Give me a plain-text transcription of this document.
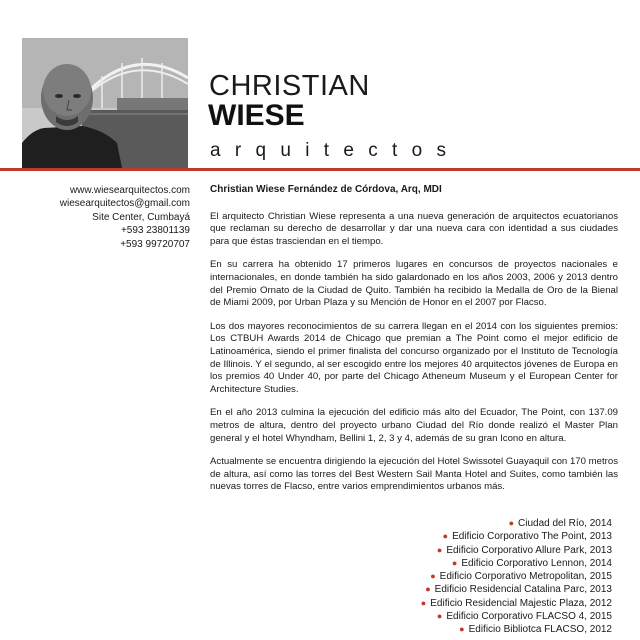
CHRISTIAN
WIESE
arquitectos
www.wiesearquitectos.com
wiesearquitectos@gmail.com
Site Center, Cumbayá
+593 23801139
+593 99720707
Christian Wiese Fernández de Córdova, Arq, MDI

El arquitecto Christian Wiese representa a una nueva generación de arquitectos ecuatorianos que reclaman su derecho de desarrollar y dar una nueva cara con identidad a sus ciudades para que éstas trasciendan en el tiempo.

En su carrera ha obtenido 17 primeros lugares en concursos de proyectos nacionales e internacionales, en donde también ha sido galardonado en los años 2003, 2006 y 2013 dentro del Premio Ornato de la Ciudad de Quito. También ha recibido la Medalla de Oro de la Bienal de Miami 2009, por Urban Plaza y su Mención de Honor en el 2007 por Flacso.

Los dos mayores reconocimientos de su carrera llegan en el 2014 con los siguientes premios: Los CTBUH Awards 2014 de Chicago que premian a The Point como el mejor edificio de Latinoamérica, siendo el primer finalista del concurso organizado por el Instituto de Tecnología de Illinois. Y el segundo, al ser escogido entre los mejores 40 arquitectos jóvenes de Europa en los premios 40 Under 40, por parte del Chicago Atheneum Museum y el European Center for Architecture Studies.

En el año 2013 culmina la ejecución del edificio más alto del Ecuador, The Point, con 137.09 metros de altura, dentro del proyecto urbano Ciudad del Río donde realizó el Master Plan general y el hotel Whyndham, Bellini 1, 2, 3 y 4, además de su gran Icono en altura.

Actualmente se encuentra dirigiendo la ejecución del Hotel Swissotel Guayaquil con 170 metros de altura, así como las torres del Best Western Sail Manta Hotel and Suites, como también las nuevas torres de Flacso, entre varios emprendimientos urbanos más.

● Ciudad del Río, 2014
● Edificio Corporativo The Point, 2013
● Edificio Corporativo Allure Park, 2013
● Edificio Corporativo Lennon, 2014
● Edificio Corporativo Metropolitan, 2015
● Edificio Residencial Catalina Parc, 2013
● Edificio Residencial Majestic Plaza, 2012
● Edificio Corporativo FLACSO 4, 2015
● Edificio Bibliotca FLACSO, 2012
